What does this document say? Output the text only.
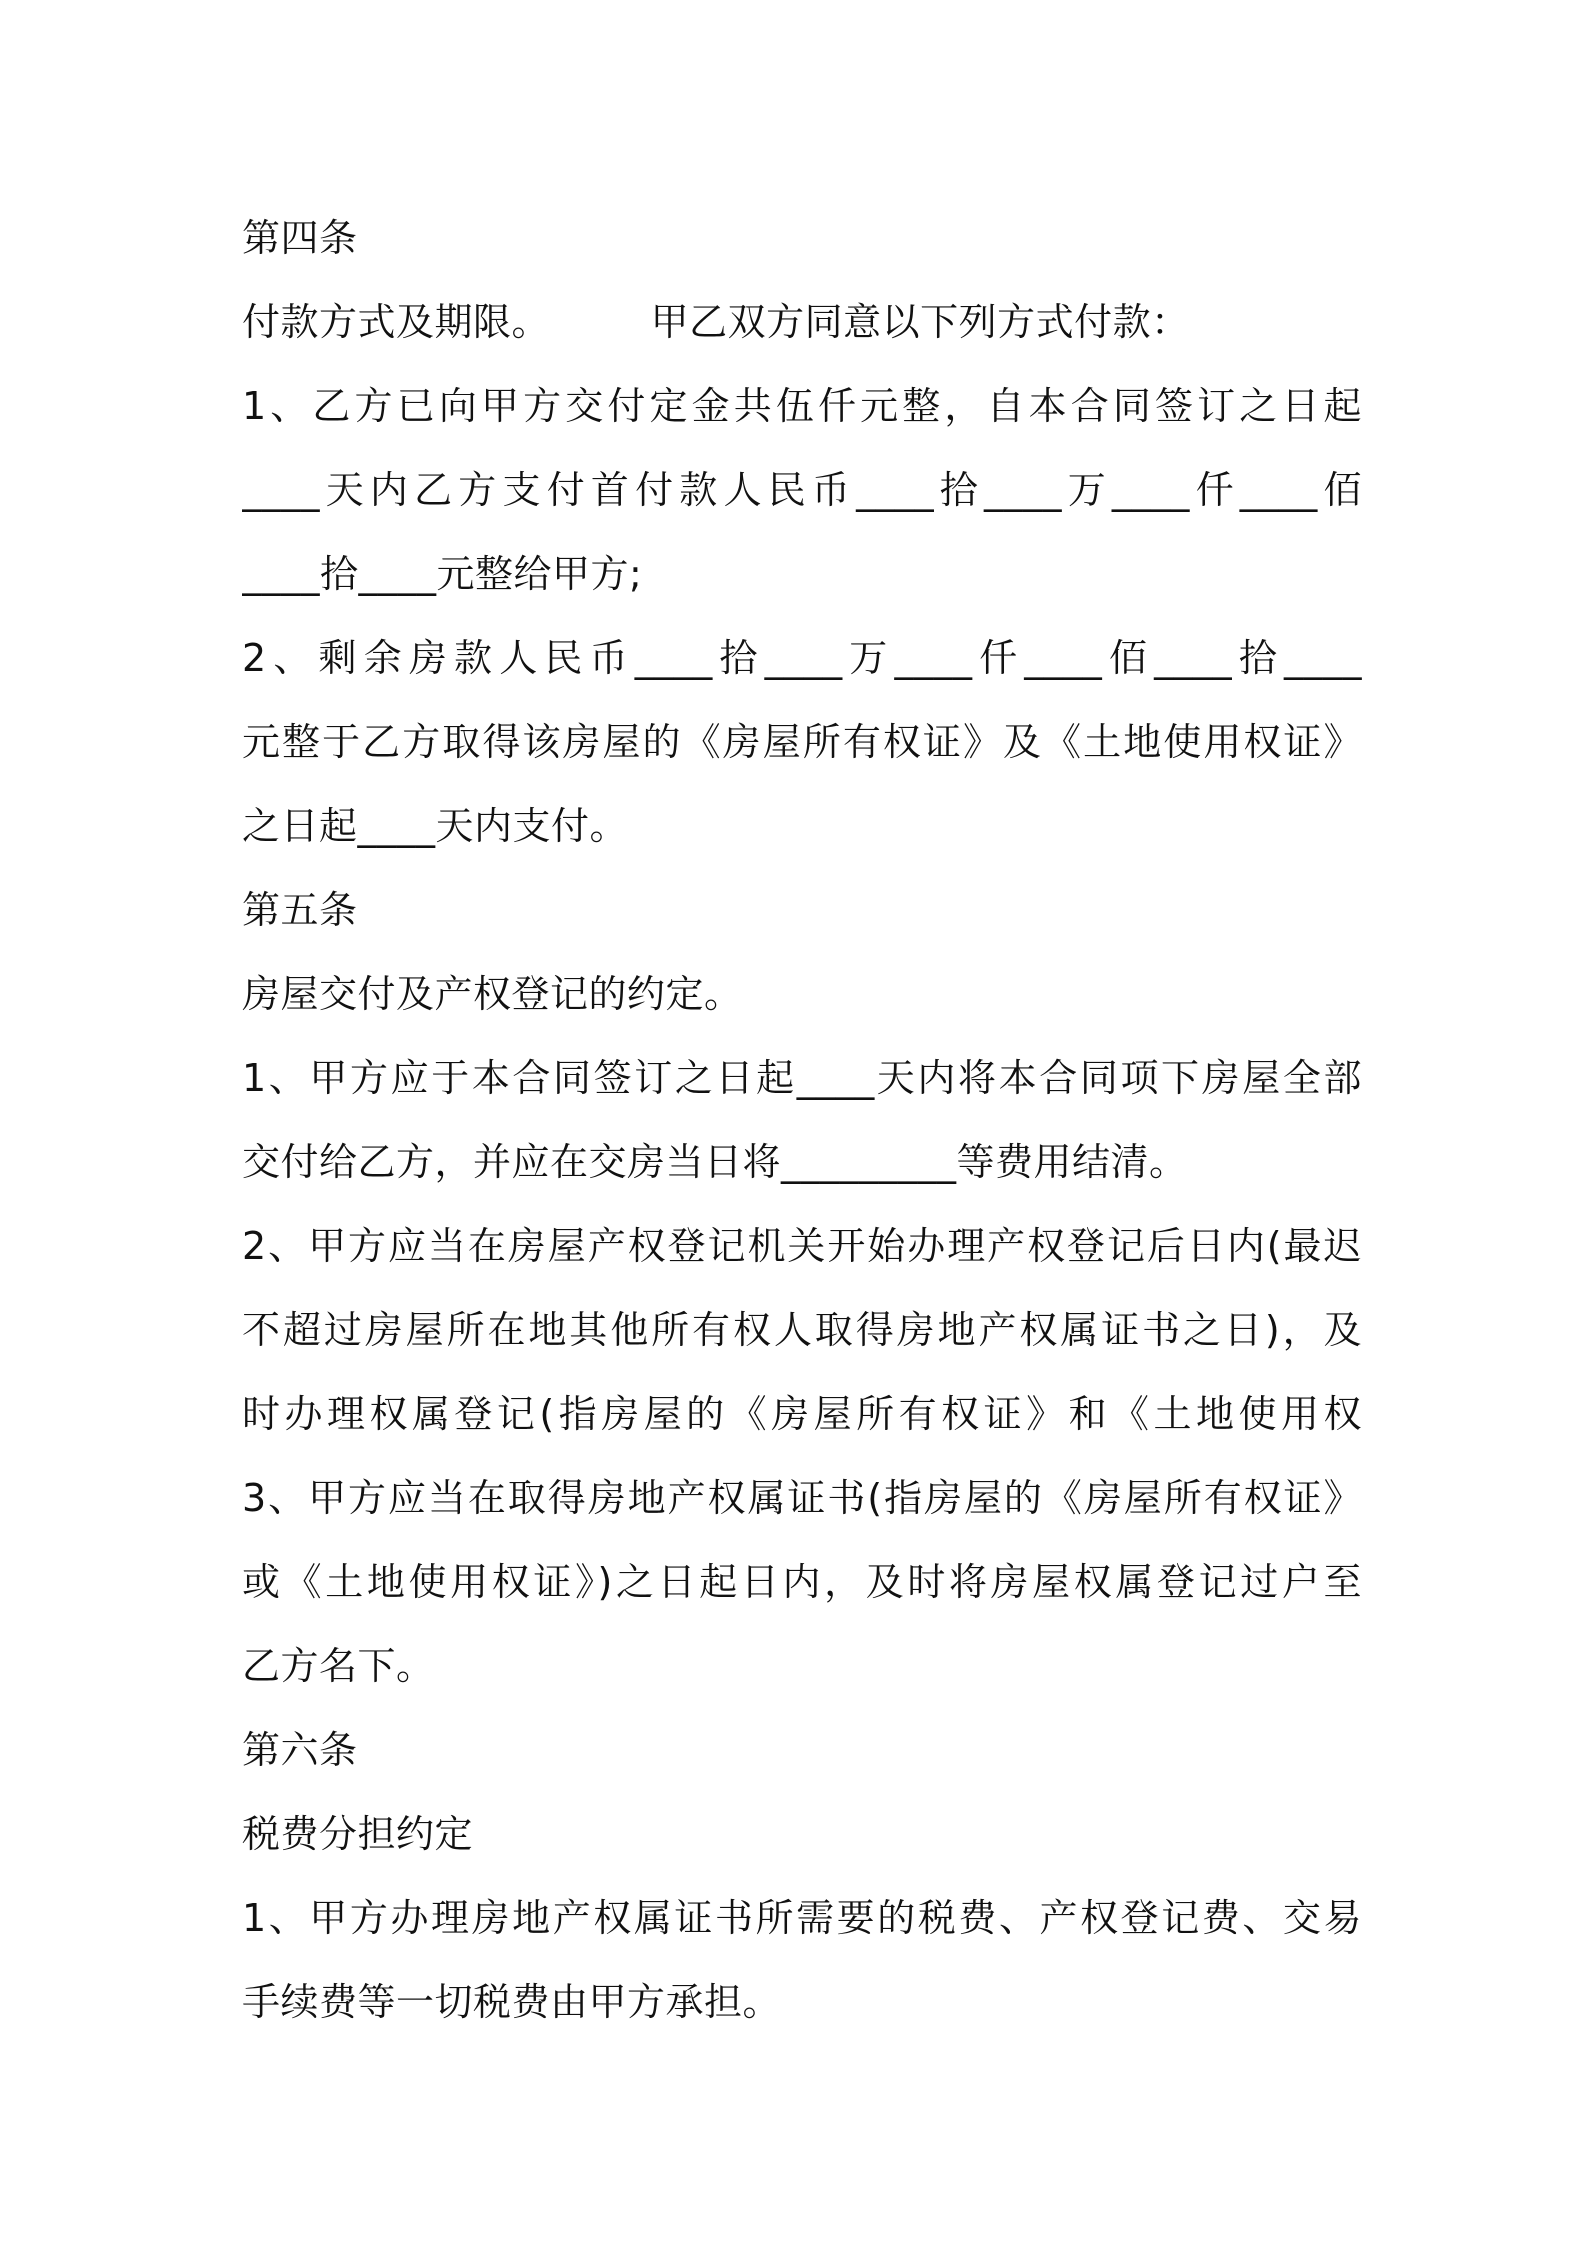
第四条
付款方式及期限。        甲乙双方同意以下列方式付款：
1、乙方已向甲方交付定金共伍仟元整，自本合同签订之日起
____天内乙方支付首付款人民币____拾____万____仟____佰
____拾____元整给甲方;
2、剩余房款人民币____拾____万____仟____佰____拾____
元整于乙方取得该房屋的《房屋所有权证》及《土地使用权证》
之日起____天内支付。
第五条
房屋交付及产权登记的约定。
1、甲方应于本合同签订之日起____天内将本合同项下房屋全部
交付给乙方，并应在交房当日将_________等费用结清。
2、甲方应当在房屋产权登记机关开始办理产权登记后日内(最迟
不超过房屋所在地其他所有权人取得房地产权属证书之日)，及
时办理权属登记(指房屋的《房屋所有权证》和《土地使用权
3、甲方应当在取得房地产权属证书(指房屋的《房屋所有权证》
或《土地使用权证》)之日起日内，及时将房屋权属登记过户至
乙方名下。
第六条
税费分担约定
1、甲方办理房地产权属证书所需要的税费、产权登记费、交易
手续费等一切税费由甲方承担。
